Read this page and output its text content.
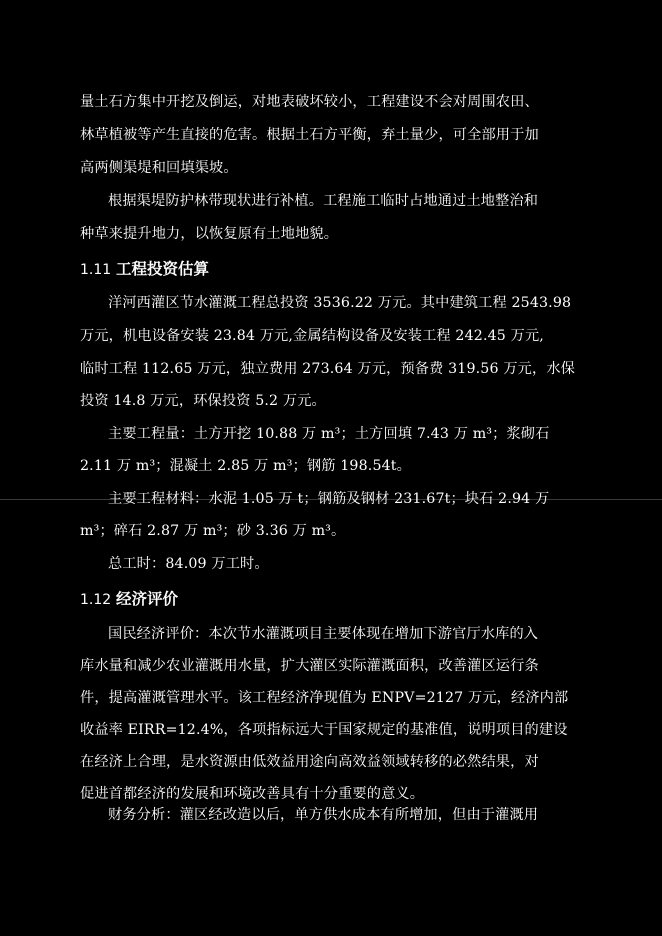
量土石方集中开挖及倒运，对地表破坏较小，工程建设不会对周围农田、
林草植被等产生直接的危害。根据土石方平衡，弃土量少，可全部用于加
高两侧渠堤和回填渠坡。
根据渠堤防护林带现状进行补植。工程施工临时占地通过土地整治和
种草来提升地力，以恢复原有土地地貌。
1.11 工程投资估算
洋河西灌区节水灌溉工程总投资 3536.22 万元。其中建筑工程 2543.98
万元，机电设备安装 23.84 万元,金属结构设备及安装工程 242.45 万元,
临时工程 112.65 万元，独立费用 273.64 万元，预备费 319.56 万元，水保
投资 14.8 万元，环保投资 5.2 万元。
主要工程量：土方开挖 10.88 万 m³；土方回填 7.43 万 m³；浆砌石
2.11 万 m³；混凝土 2.85 万 m³；钢筋 198.54t。
主要工程材料：水泥 1.05 万 t；钢筋及钢材 231.67t；块石 2.94 万
m³；碎石 2.87 万 m³；砂 3.36 万 m³。
总工时：84.09 万工时。
1.12 经济评价
国民经济评价：本次节水灌溉项目主要体现在增加下游官厅水库的入
库水量和减少农业灌溉用水量，扩大灌区实际灌溉面积，改善灌区运行条
件，提高灌溉管理水平。该工程经济净现值为 ENPV=2127 万元，经济内部
收益率 EIRR=12.4%，各项指标远大于国家规定的基准值，说明项目的建设
在经济上合理，是水资源由低效益用途向高效益领域转移的必然结果，对
促进首都经济的发展和环境改善具有十分重要的意义。
财务分析：灌区经改造以后，单方供水成本有所增加，但由于灌溉用
